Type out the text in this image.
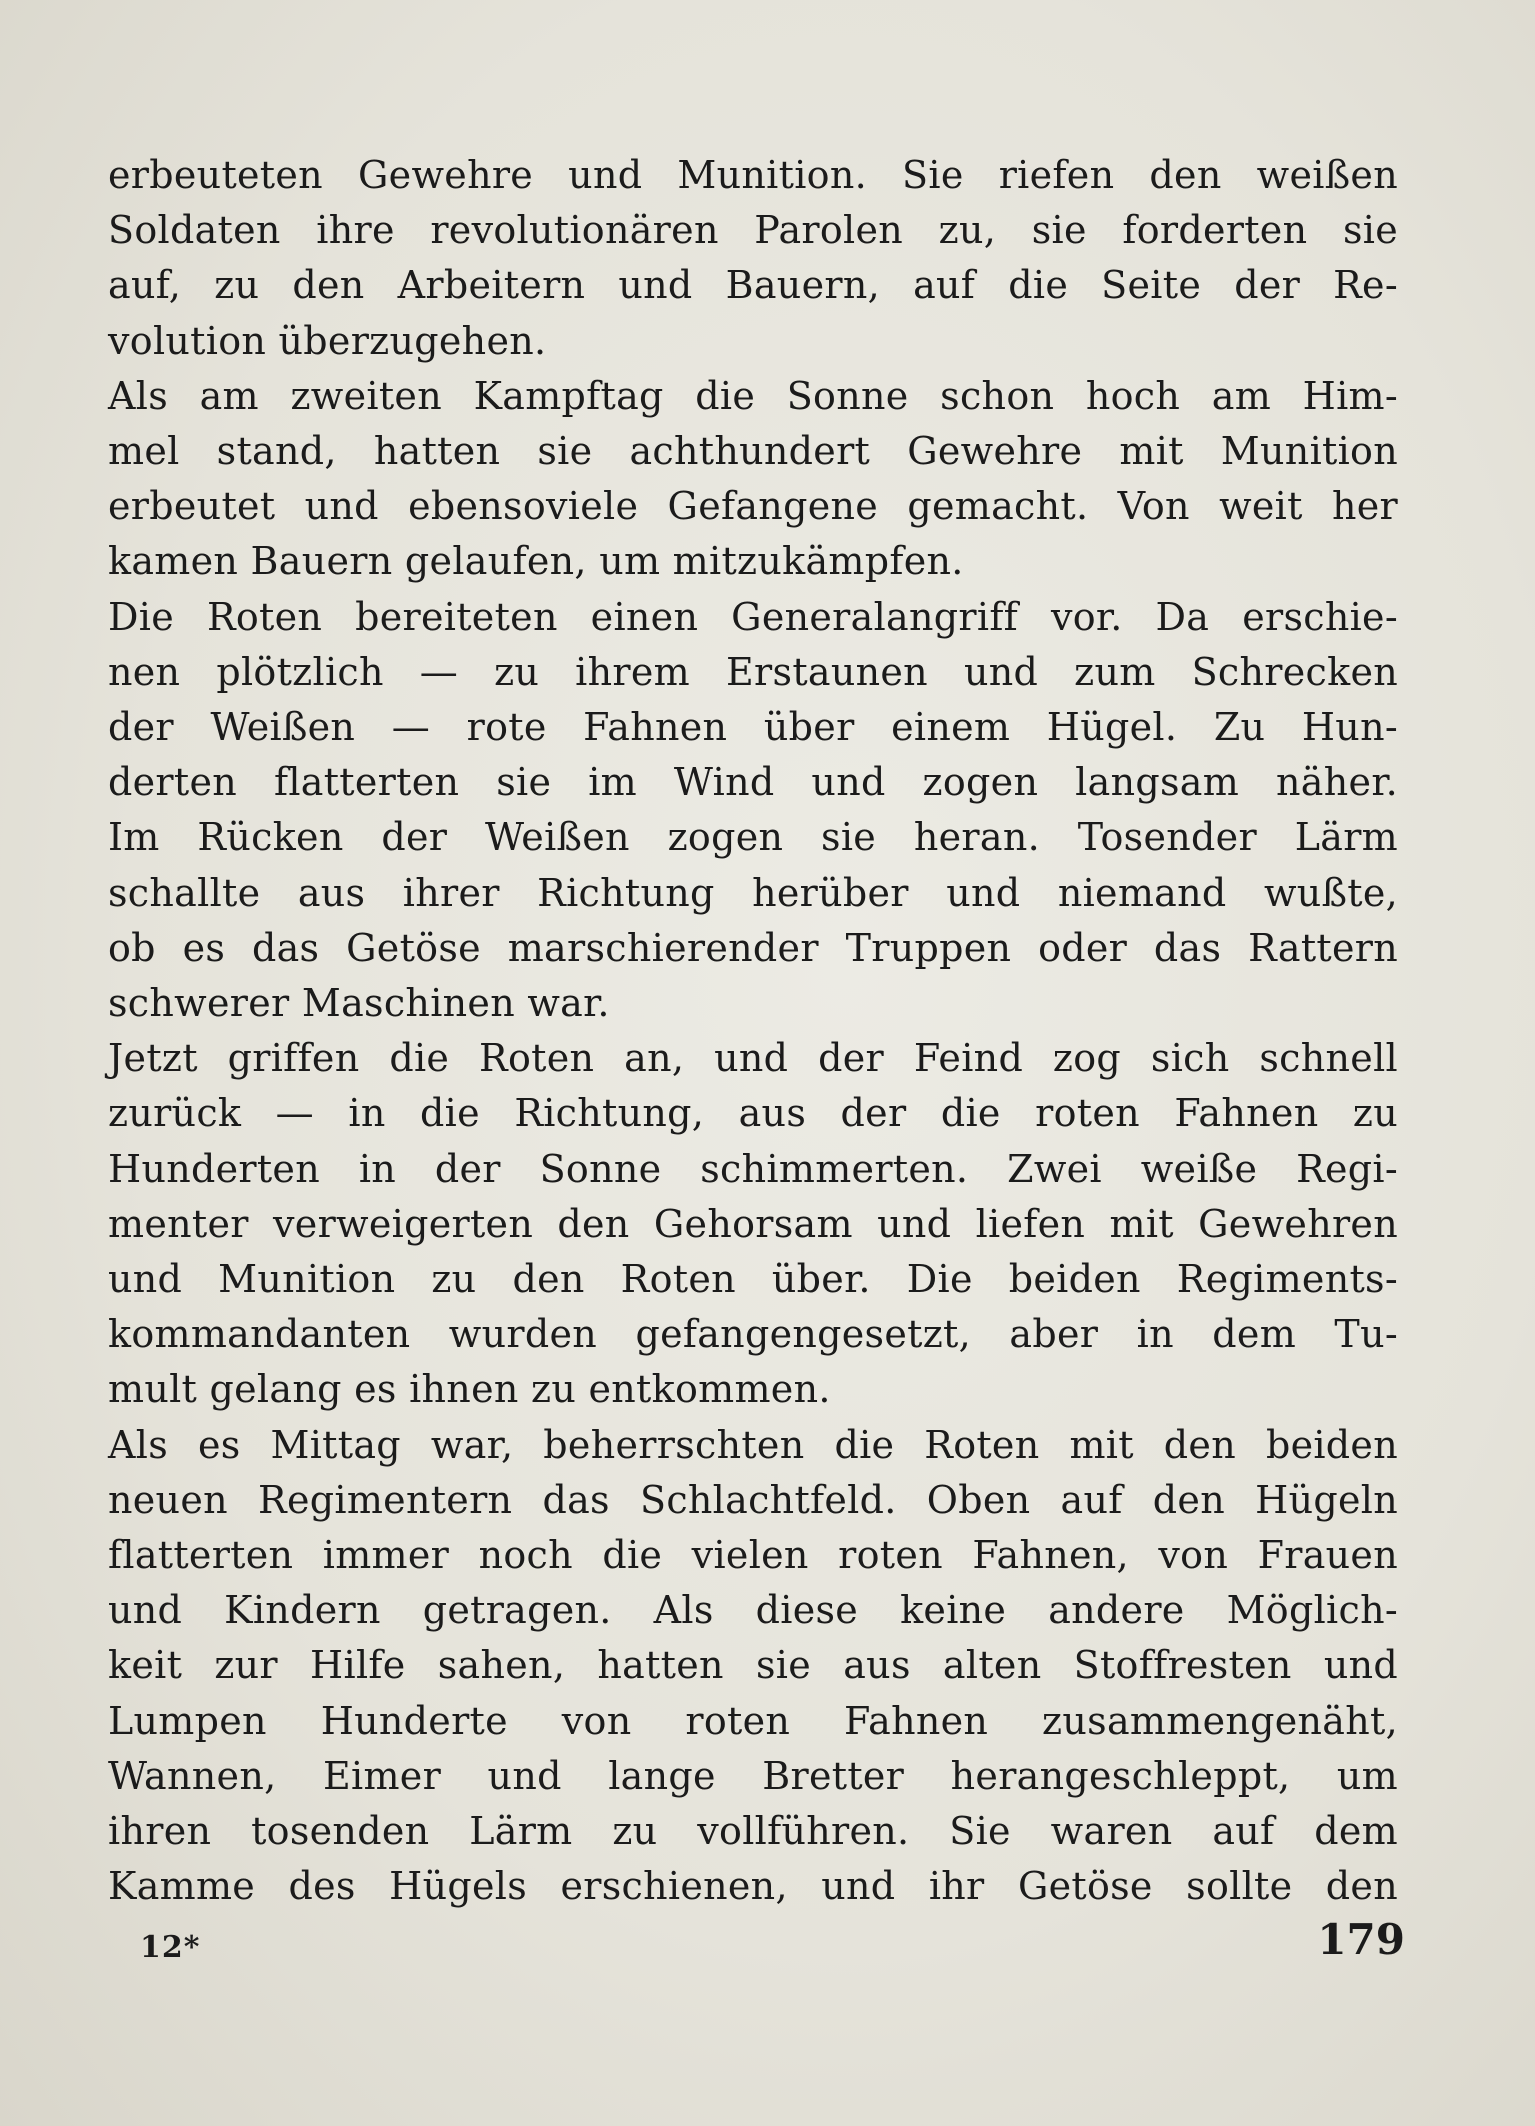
erbeuteten Gewehre und Munition. Sie riefen den weißen
Soldaten ihre revolutionären Parolen zu, sie forderten sie
auf, zu den Arbeitern und Bauern, auf die Seite der Re-
volution überzugehen.
Als am zweiten Kampftag die Sonne schon hoch am Him-
mel stand, hatten sie achthundert Gewehre mit Munition
erbeutet und ebensoviele Gefangene gemacht. Von weit her
kamen Bauern gelaufen, um mitzukämpfen.
Die Roten bereiteten einen Generalangriff vor. Da erschie-
nen plötzlich — zu ihrem Erstaunen und zum Schrecken
der Weißen — rote Fahnen über einem Hügel. Zu Hun-
derten flatterten sie im Wind und zogen langsam näher.
Im Rücken der Weißen zogen sie heran. Tosender Lärm
schallte aus ihrer Richtung herüber und niemand wußte,
ob es das Getöse marschierender Truppen oder das Rattern
schwerer Maschinen war.
Jetzt griffen die Roten an, und der Feind zog sich schnell
zurück — in die Richtung, aus der die roten Fahnen zu
Hunderten in der Sonne schimmerten. Zwei weiße Regi-
menter verweigerten den Gehorsam und liefen mit Gewehren
und Munition zu den Roten über. Die beiden Regiments-
kommandanten wurden gefangengesetzt, aber in dem Tu-
mult gelang es ihnen zu entkommen.
Als es Mittag war, beherrschten die Roten mit den beiden
neuen Regimentern das Schlachtfeld. Oben auf den Hügeln
flatterten immer noch die vielen roten Fahnen, von Frauen
und Kindern getragen. Als diese keine andere Möglich-
keit zur Hilfe sahen, hatten sie aus alten Stoffresten und
Lumpen Hunderte von roten Fahnen zusammengenäht,
Wannen, Eimer und lange Bretter herangeschleppt, um
ihren tosenden Lärm zu vollführen. Sie waren auf dem
Kamme des Hügels erschienen, und ihr Getöse sollte den
12*	179
